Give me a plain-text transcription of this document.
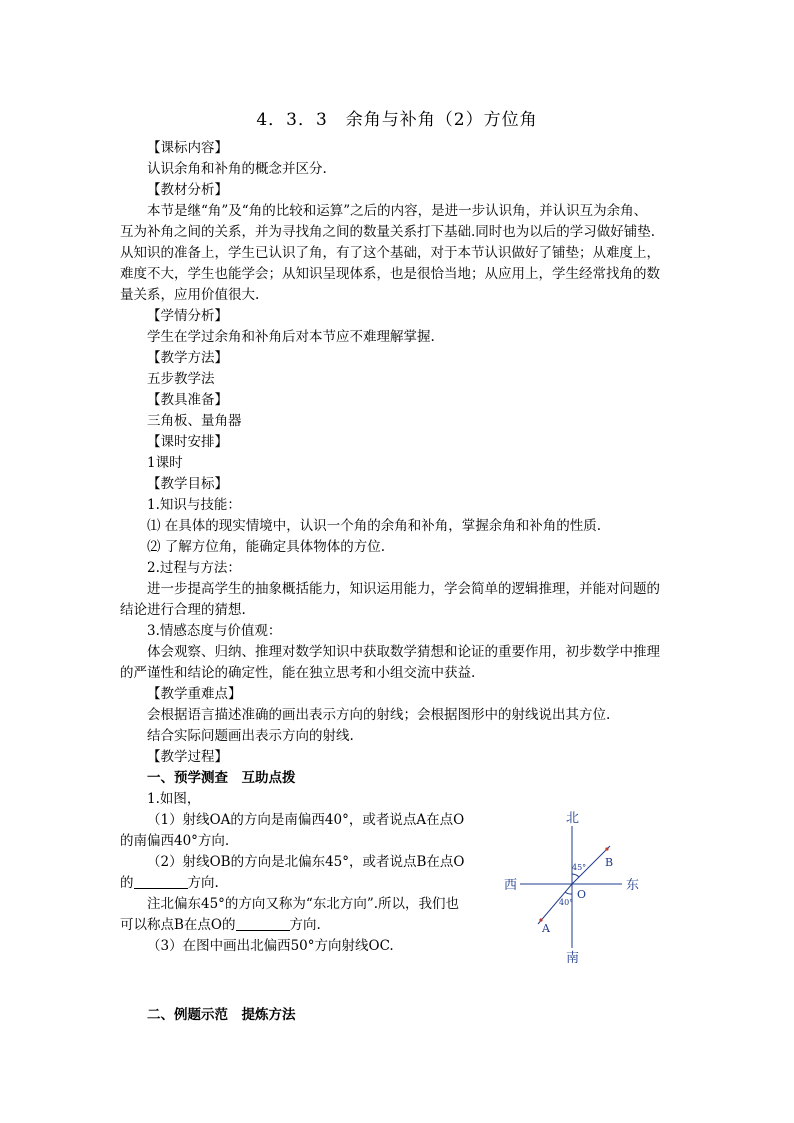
4．3．3　余角与补角（2）方位角
【课标内容】
认识余角和补角的概念并区分.
【教材分析】
本节是继“角”及“角的比较和运算”之后的内容，是进一步认识角，并认识互为余角、
互为补角之间的关系，并为寻找角之间的数量关系打下基础.同时也为以后的学习做好铺垫.
从知识的准备上，学生已认识了角，有了这个基础，对于本节认识做好了铺垫；从难度上，
难度不大，学生也能学会；从知识呈现体系，也是很恰当地；从应用上，学生经常找角的数
量关系，应用价值很大.
【学情分析】
学生在学过余角和补角后对本节应不难理解掌握.
【教学方法】
五步教学法
【教具准备】
三角板、量角器
【课时安排】
1课时
【教学目标】
1.知识与技能：
⑴ 在具体的现实情境中，认识一个角的余角和补角，掌握余角和补角的性质.
⑵ 了解方位角，能确定具体物体的方位.
2.过程与方法：
进一步提高学生的抽象概括能力，知识运用能力，学会简单的逻辑推理，并能对问题的
结论进行合理的猜想.
3.情感态度与价值观：
体会观察、归纳、推理对数学知识中获取数学猜想和论证的重要作用，初步数学中推理
的严谨性和结论的确定性，能在独立思考和小组交流中获益.
【教学重难点】
会根据语言描述准确的画出表示方向的射线；会根据图形中的射线说出其方位.
结合实际问题画出表示方向的射线.
【教学过程】
一、预学测查　互助点拨
1.如图，
（1）射线OA的方向是南偏西40°，或者说点A在点O
的南偏西40°方向.
（2）射线OB的方向是北偏东45°，或者说点B在点O
的	方向.
注北偏东45°的方向又称为“东北方向”.所以，我们也
可以称点B在点O的	方向.
（3）在图中画出北偏西50°方向射线OC.
二、例题示范　提炼方法
北
南
东
西
O
B
A
45°
40°
